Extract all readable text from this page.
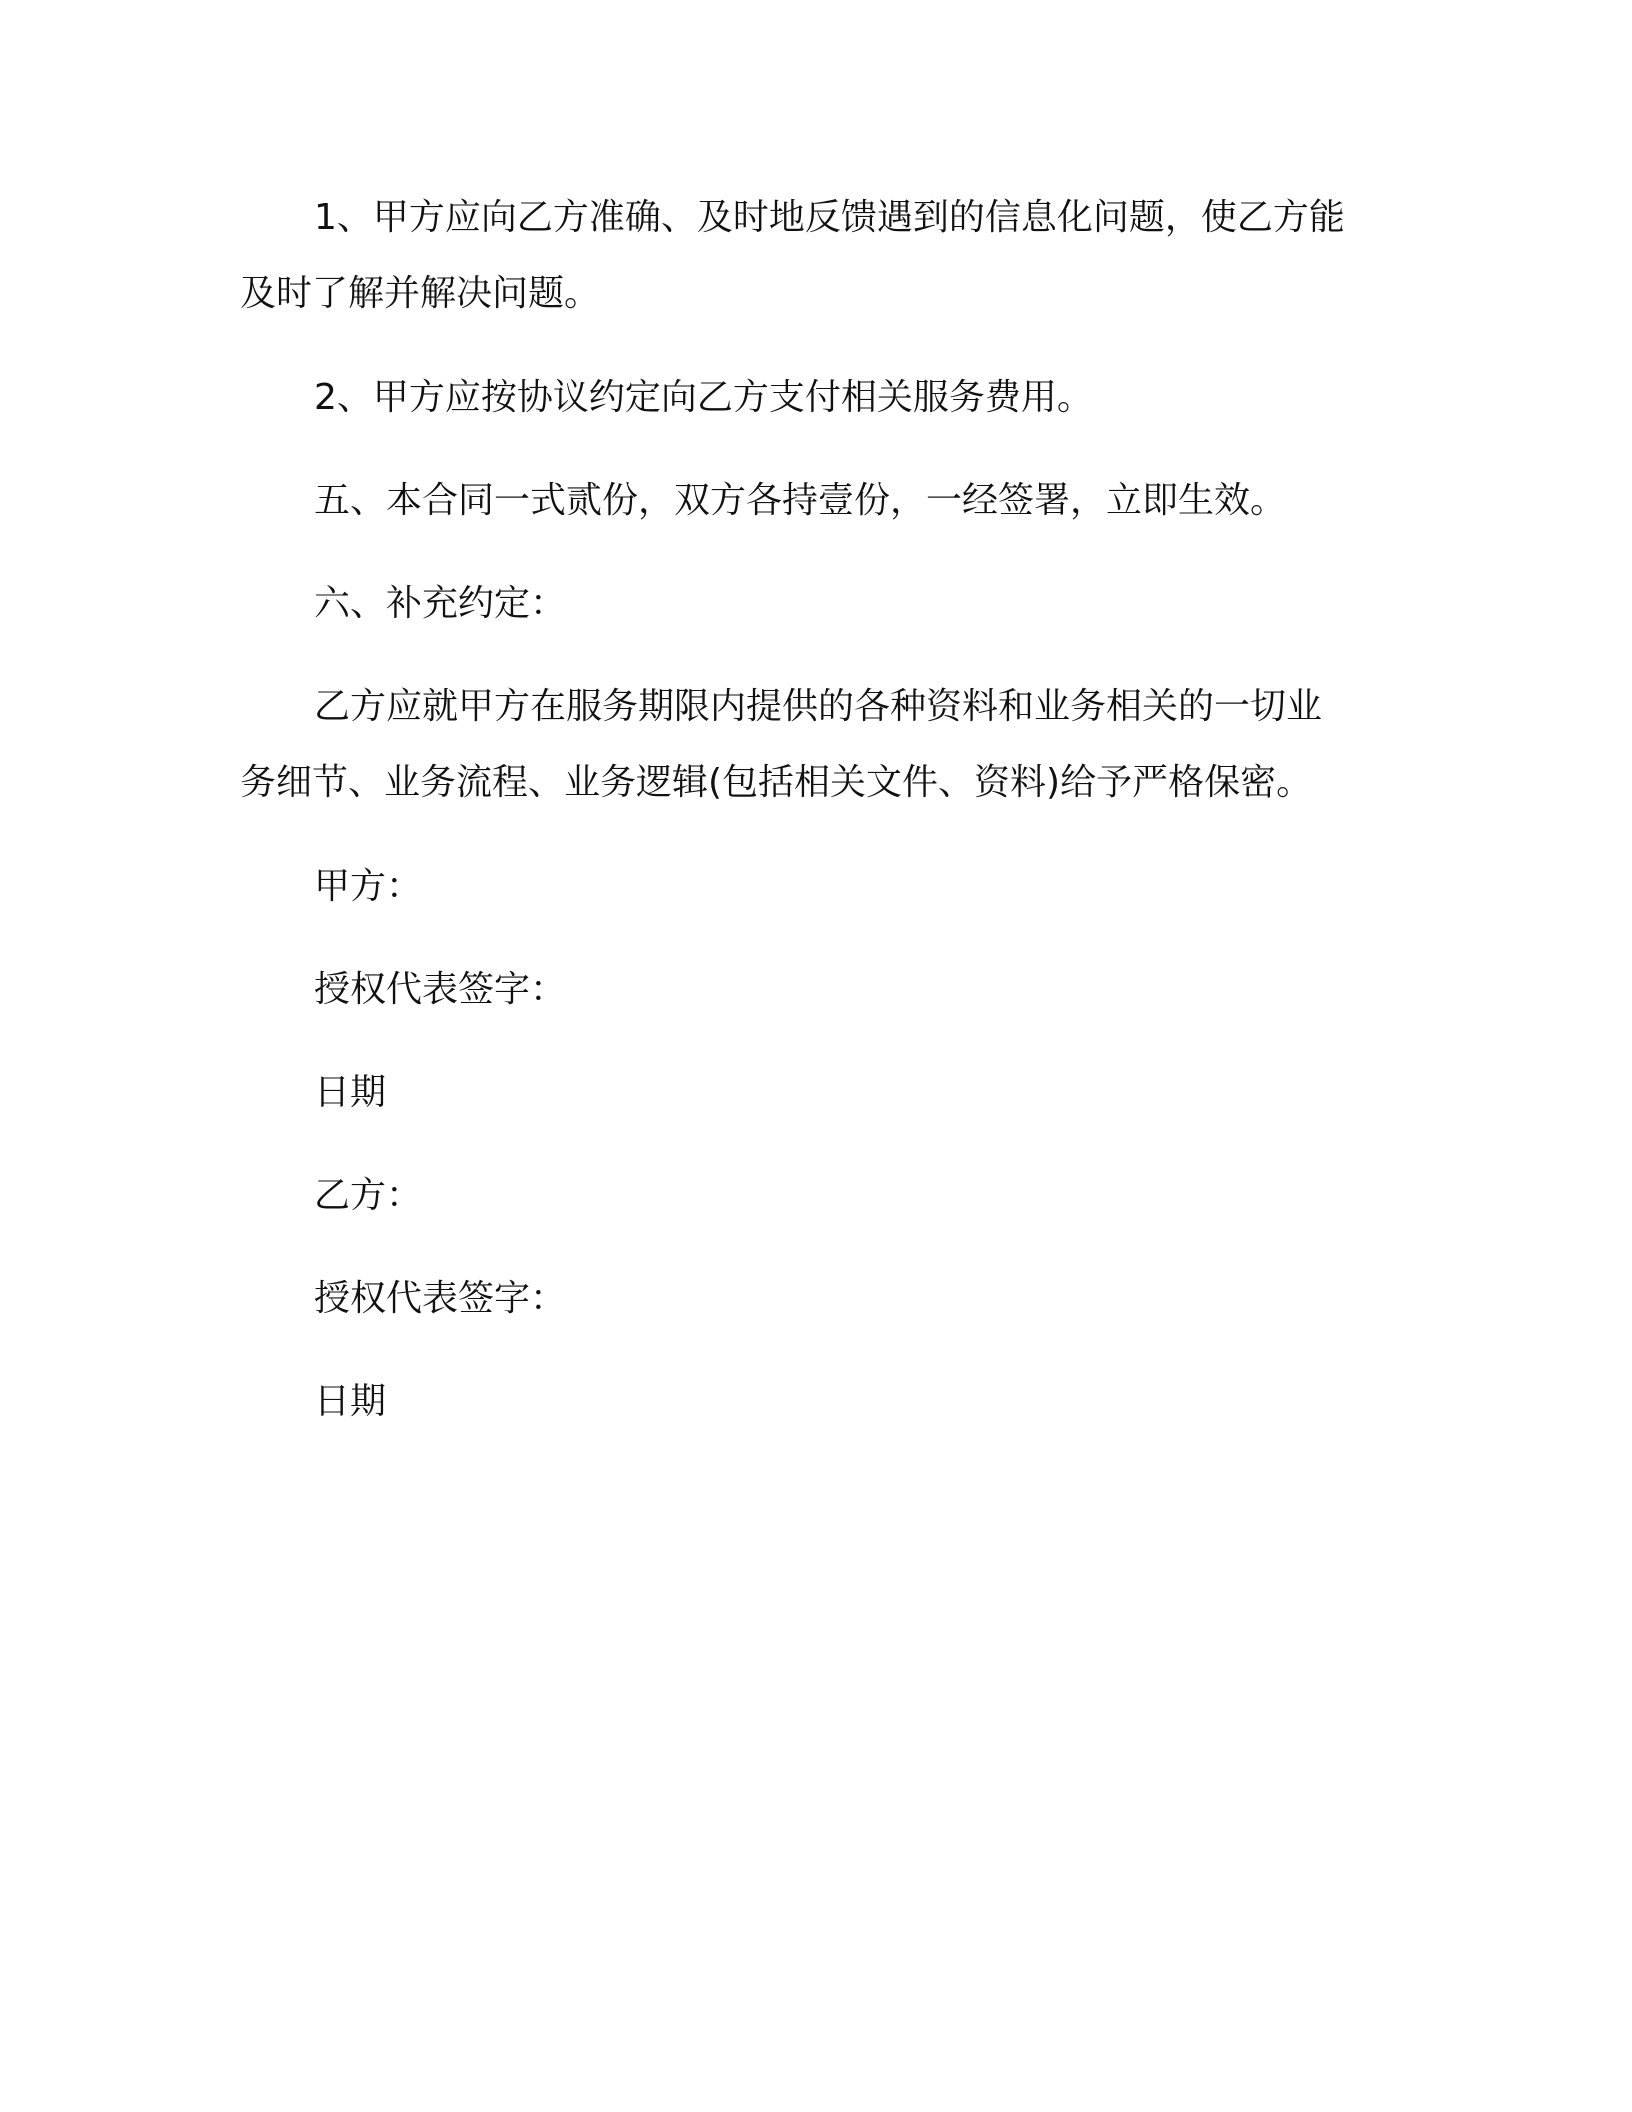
1、甲方应向乙方准确、及时地反馈遇到的信息化问题，使乙方能
及时了解并解决问题。
2、甲方应按协议约定向乙方支付相关服务费用。
五、本合同一式贰份，双方各持壹份，一经签署，立即生效。
六、补充约定：
乙方应就甲方在服务期限内提供的各种资料和业务相关的一切业
务细节、业务流程、业务逻辑(包括相关文件、资料)给予严格保密。
甲方：
授权代表签字：
日期
乙方：
授权代表签字：
日期
